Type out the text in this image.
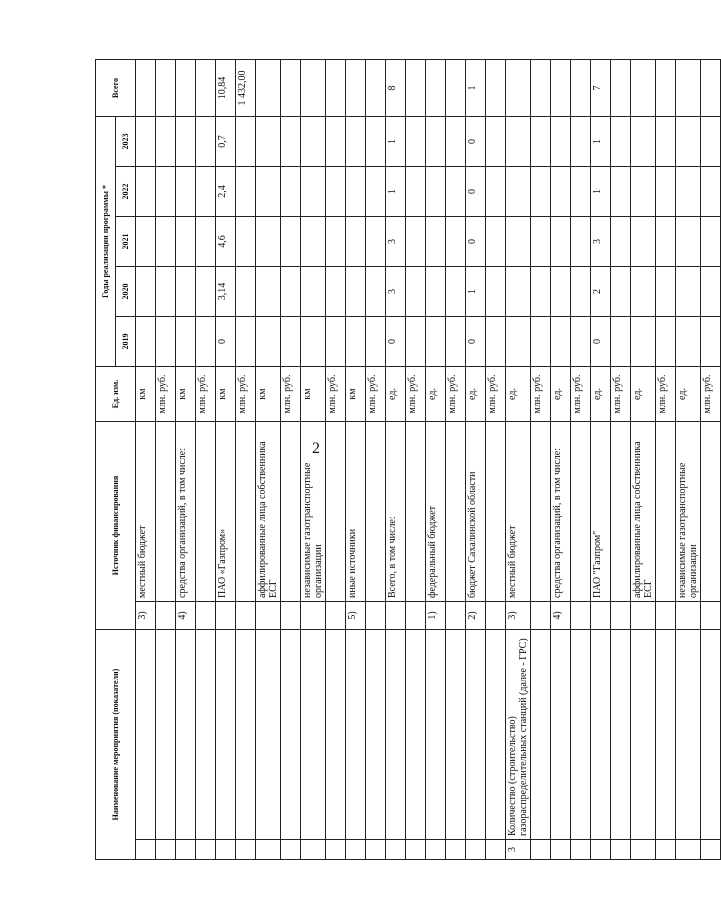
2
Наименование мероприятия (показатели)		Источник финансирования		Ед. изм.	Годы реализации программы *					Всего
					2019	2020	2021	2022	2023	
		3)	местный бюджет	км						
				млн. руб.						
		4)	средства организаций, в том числе:	км						
				млн. руб.						
			ПАО «Газпром»	км	0	3,14	4,6	2,4	0,7	10,84
				млн. руб.						1 432,00
			аффилированные лица собственника ЕСГ	км						
				млн. руб.						
			независимые газотранспортные организации	км						
				млн. руб.						
		5)	иные источники	км						
				млн. руб.						
			Всего, в том числе:	ед.	0	3	3	1	1	8
				млн. руб.						
		1)	федеральный бюджет	ед.						
				млн. руб.						
		2)	бюджет Сахалинской области	ед.	0	1	0	0	0	1
				млн. руб.						
3	Количество (строительство) газораспределительных станций (далее - ГРС)	3)	местный бюджет	ед.						
				млн. руб.						
		4)	средства организаций, в том числе:	ед.						
				млн. руб.						
			ПАО "Газпром"	ед.	0	2	3	1	1	7
				млн. руб.						
			аффилированные лица собственника ЕСГ	ед.						
				млн. руб.						
			независимые газотранспортные организации	ед.						
				млн. руб.						
